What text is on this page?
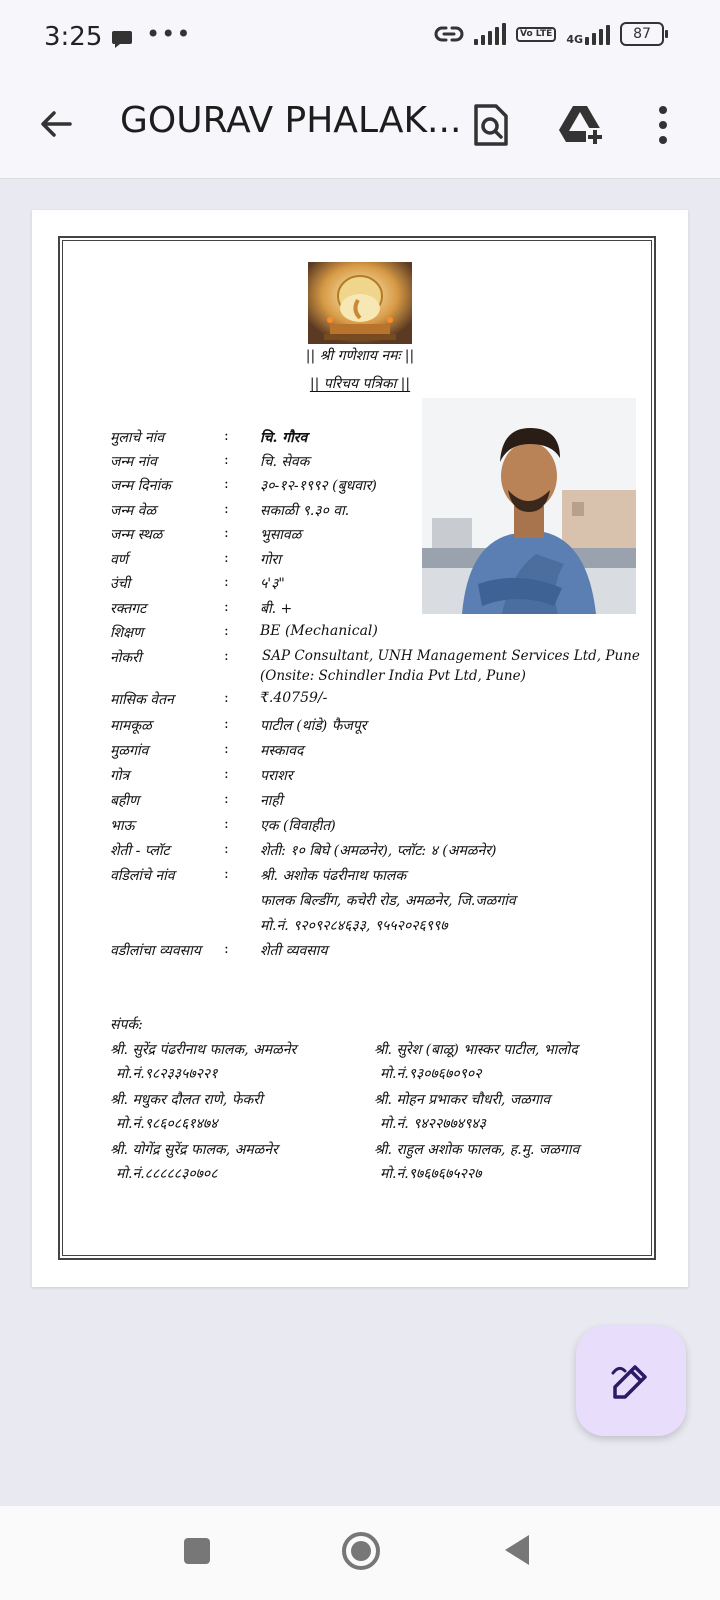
3:25 •••	Vo LTE	4G	87
GOURAV PHALAK...
|| श्री गणेशाय नमः ||
|| परिचय पत्रिका ||
मुलाचे नांव	: चि. गौरव
जन्म नांव	: चि. सेवक
जन्म दिनांक	: ३०-१२-१९९२ (बुधवार)
जन्म वेळ	: सकाळी ९.३० वा.
जन्म स्थळ	: भुसावळ
वर्ण	: गोरा
उंची	: ५'३"
रक्तगट	: बी. +
शिक्षण	: BE (Mechanical)
नोकरी	: SAP Consultant, UNH Management Services Ltd, Pune
(Onsite: Schindler India Pvt Ltd, Pune)
मासिक वेतन	: ₹.40759/-
मामकूळ	: पाटील (थांडे) फैजपूर
मुळगांव	: मस्कावद
गोत्र	: पराशर
बहीण	: नाही
भाऊ	: एक (विवाहीत)
शेती - प्लॉट	: शेती: १० बिघे (अमळनेर), प्लॉट: ४ (अमळनेर)
वडिलांचे नांव	: श्री. अशोक पंढरीनाथ फालक
फालक बिल्डींग, कचेरी रोड, अमळनेर, जि.जळगांव
मो.नं. ९२०९२८४६३३, ९५५२०२६९९७
वडीलांचा व्यवसाय : शेती व्यवसाय
संपर्क:
श्री. सुरेंद्र पंढरीनाथ फालक, अमळनेर
मो.नं.९८२३३५७२२१
श्री. सुरेश (बाळू) भास्कर पाटील, भालोद
मो.नं.९३०७६७०९०२
श्री. मधुकर दौलत राणे, फेकरी
मो.नं.९८६०८६१४७४
श्री. मोहन प्रभाकर चौधरी, जळगाव
मो.नं. ९४२२७७४९४३
श्री. योगेंद्र सुरेंद्र फालक, अमळनेर
मो.नं.८८८८८३०७०८
श्री. राहुल अशोक फालक, ह.मु. जळगाव
मो.नं.९७६७६७५२२७
